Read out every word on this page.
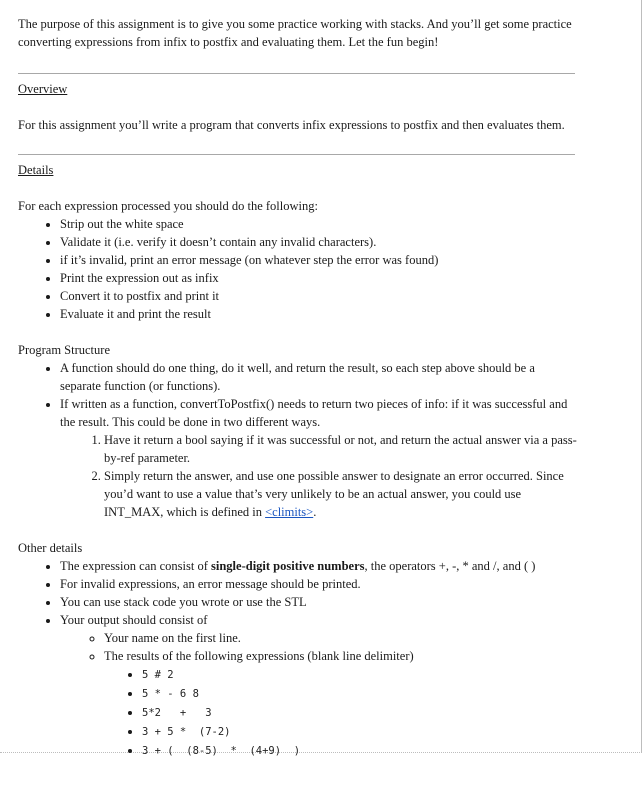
The purpose of this assignment is to give you some practice working with stacks. And you’ll get some practice converting expressions from infix to postfix and evaluating them. Let the fun begin!

Overview

For this assignment you’ll write a program that converts infix expressions to postfix and then evaluates them.

Details

For each expression processed you should do the following:

• Strip out the white space
• Validate it (i.e. verify it doesn’t contain any invalid characters).
• if it’s invalid, print an error message (on whatever step the error was found)
• Print the expression out as infix
• Convert it to postfix and print it
• Evaluate it and print the result

Program Structure

• A function should do one thing, do it well, and return the result, so each step above should be a separate function (or functions).
• If written as a function, convertToPostfix() needs to return two pieces of info: if it was successful and the result. This could be done in two different ways.
1. Have it return a bool saying if it was successful or not, and return the actual answer via a pass-by-ref parameter.
2. Simply return the answer, and use one possible answer to designate an error occurred. Since you’d want to use a value that’s very unlikely to be an actual answer, you could use INT_MAX, which is defined in <climits>.

Other details

• The expression can consist of single-digit positive numbers, the operators +, -, * and /, and ( )
• For invalid expressions, an error message should be printed.
• You can use stack code you wrote or use the STL
• Your output should consist of
◦ Your name on the first line.
◦ The results of the following expressions (blank line delimiter)
• 5 # 2
• 5 * - 6 8
• 5*2   +   3
• 3 + 5 *  (7-2)
• 3 + (  (8-5)  *  (4+9)  )
